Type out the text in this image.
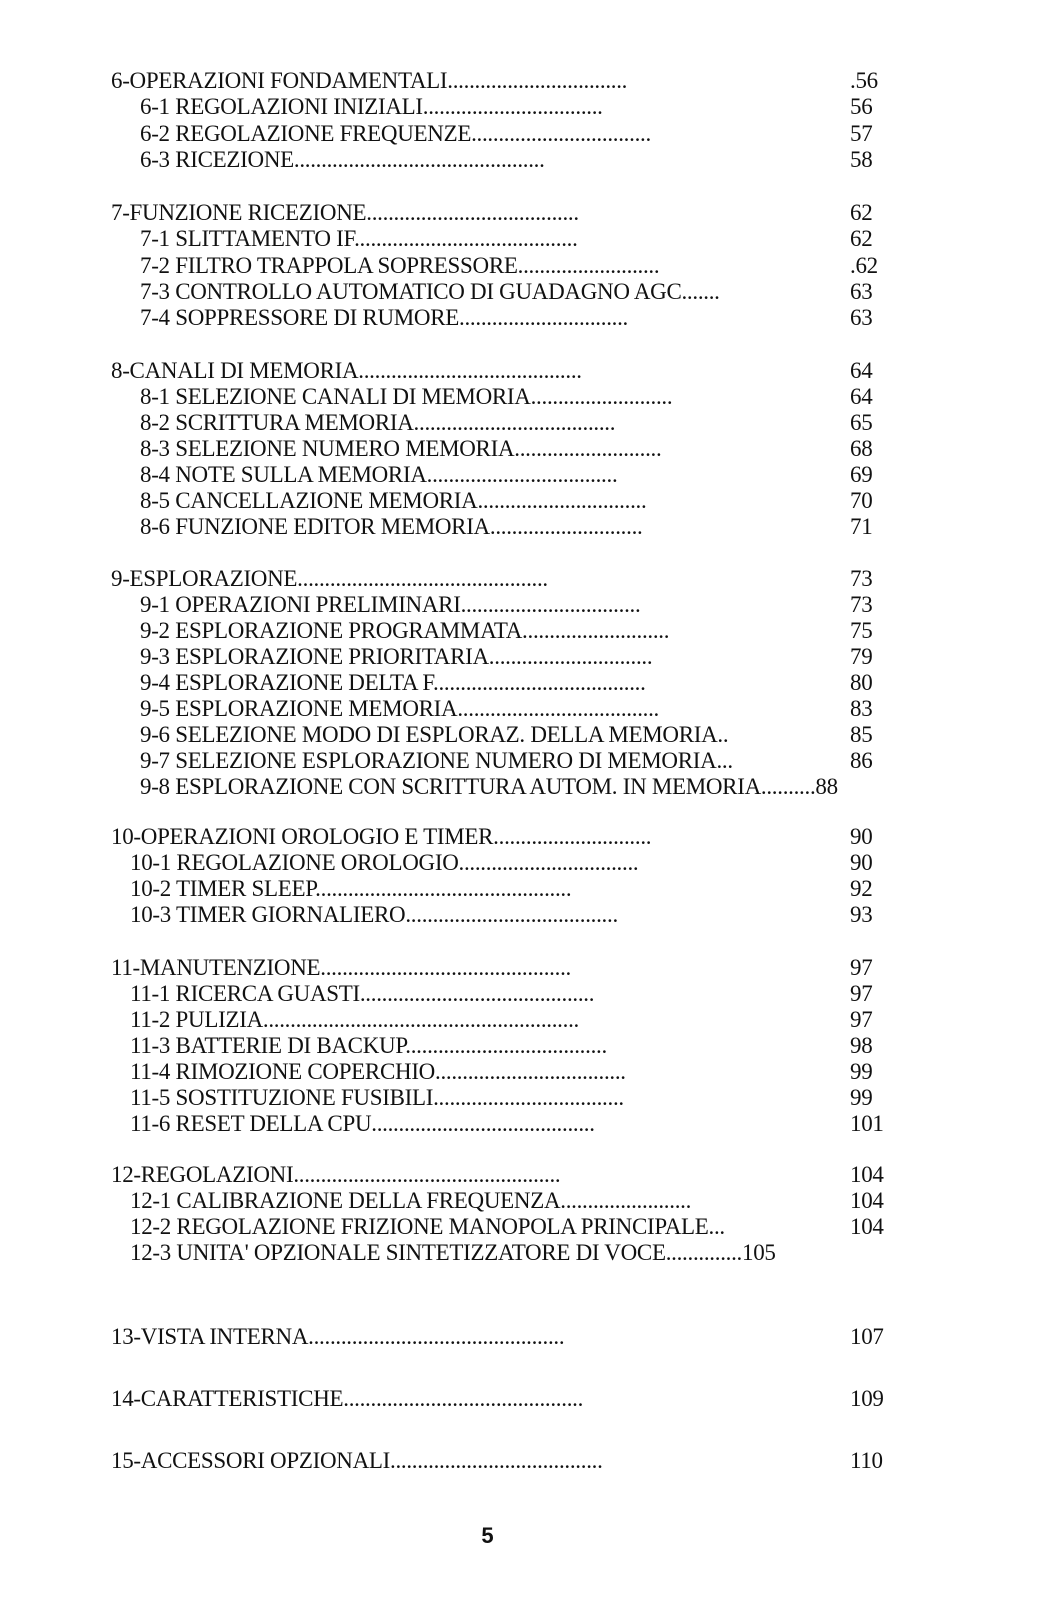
6-OPERAZIONI FONDAMENTALI.................................	.56
6-1 REGOLAZIONI INIZIALI.................................	56
6-2 REGOLAZIONE FREQUENZE.................................	57
6-3 RICEZIONE..............................................	58
7-FUNZIONE RICEZIONE.......................................	62
7-1 SLITTAMENTO IF.........................................	62
7-2 FILTRO TRAPPOLA SOPRESSORE..........................	.62
7-3 CONTROLLO AUTOMATICO DI GUADAGNO AGC.......	63
7-4 SOPPRESSORE DI RUMORE...............................	63
8-CANALI DI MEMORIA.........................................	64
8-1 SELEZIONE CANALI DI MEMORIA..........................	64
8-2 SCRITTURA MEMORIA.....................................	65
8-3 SELEZIONE NUMERO MEMORIA...........................	68
8-4 NOTE SULLA MEMORIA...................................	69
8-5 CANCELLAZIONE MEMORIA...............................	70
8-6 FUNZIONE EDITOR MEMORIA............................	71
9-ESPLORAZIONE..............................................	73
9-1 OPERAZIONI PRELIMINARI.................................	73
9-2 ESPLORAZIONE PROGRAMMATA...........................	75
9-3 ESPLORAZIONE PRIORITARIA..............................	79
9-4 ESPLORAZIONE DELTA F.......................................	80
9-5 ESPLORAZIONE MEMORIA.....................................	83
9-6 SELEZIONE MODO DI ESPLORAZ. DELLA MEMORIA..	85
9-7 SELEZIONE ESPLORAZIONE NUMERO DI MEMORIA...	86
9-8 ESPLORAZIONE CON SCRITTURA AUTOM. IN MEMORIA..........88
10-OPERAZIONI OROLOGIO E TIMER.............................	90
10-1 REGOLAZIONE OROLOGIO.................................	90
10-2 TIMER SLEEP...............................................	92
10-3 TIMER GIORNALIERO.......................................	93
11-MANUTENZIONE..............................................	97
11-1 RICERCA GUASTI...........................................	97
11-2 PULIZIA..........................................................	97
11-3 BATTERIE DI BACKUP.....................................	98
11-4 RIMOZIONE COPERCHIO...................................	99
11-5 SOSTITUZIONE FUSIBILI...................................	99
11-6 RESET DELLA CPU.........................................	101
12-REGOLAZIONI.................................................	104
12-1 CALIBRAZIONE DELLA FREQUENZA........................	104
12-2 REGOLAZIONE FRIZIONE MANOPOLA PRINCIPALE...	104
12-3 UNITA' OPZIONALE SINTETIZZATORE DI VOCE..............105
13-VISTA INTERNA...............................................	107
14-CARATTERISTICHE............................................	109
15-ACCESSORI OPZIONALI.......................................	110
5
